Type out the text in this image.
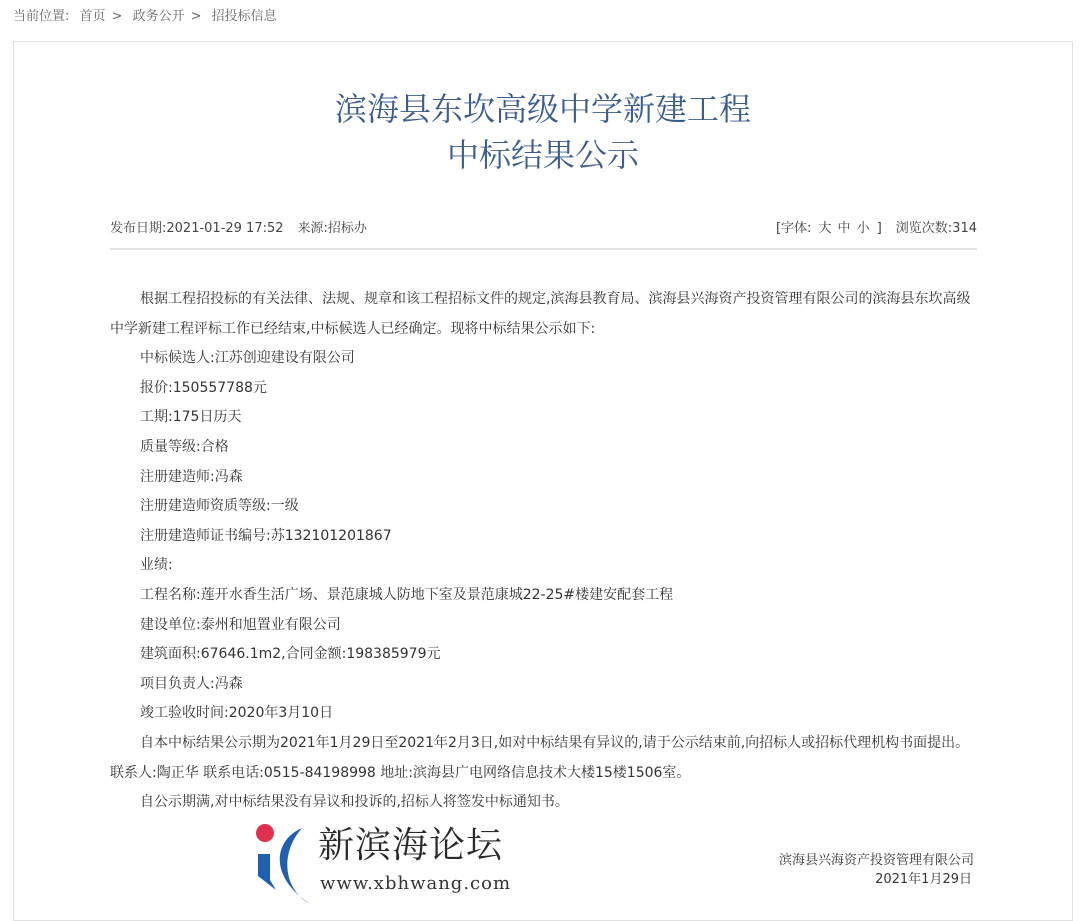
当前位置: 首页 > 政务公开 > 招投标信息
滨海县东坎高级中学新建工程
中标结果公示
发布日期:2021-01-29 17:52 来源:招标办	[字体: 大 中 小 ] 浏览次数:314

根据工程招投标的有关法律、法规、规章和该工程招标文件的规定,滨海县教育局、滨海县兴海资产投资管理有限公司的滨海县东坎高级中学新建工程评标工作已经结束,中标候选人已经确定。现将中标结果公示如下:

中标候选人:江苏创迎建设有限公司

报价:150557788元

工期:175日历天

质量等级:合格

注册建造师:冯森

注册建造师资质等级:一级

注册建造师证书编号:苏132101201867

业绩:

工程名称:莲开水香生活广场、景范康城人防地下室及景范康城22-25#楼建安配套工程

建设单位:泰州和旭置业有限公司

建筑面积:67646.1m2,合同金额:198385979元

项目负责人:冯森

竣工验收时间:2020年3月10日

自本中标结果公示期为2021年1月29日至2021年2月3日,如对中标结果有异议的,请于公示结束前,向招标人或招标代理机构书面提出。联系人:陶正华 联系电话:0515-84198998 地址:滨海县广电网络信息技术大楼15楼1506室。

自公示期满,对中标结果没有异议和投诉的,招标人将签发中标通知书。

新滨海论坛
www.xbhwang.com
滨海县兴海资产投资管理有限公司
2021年1月29日
